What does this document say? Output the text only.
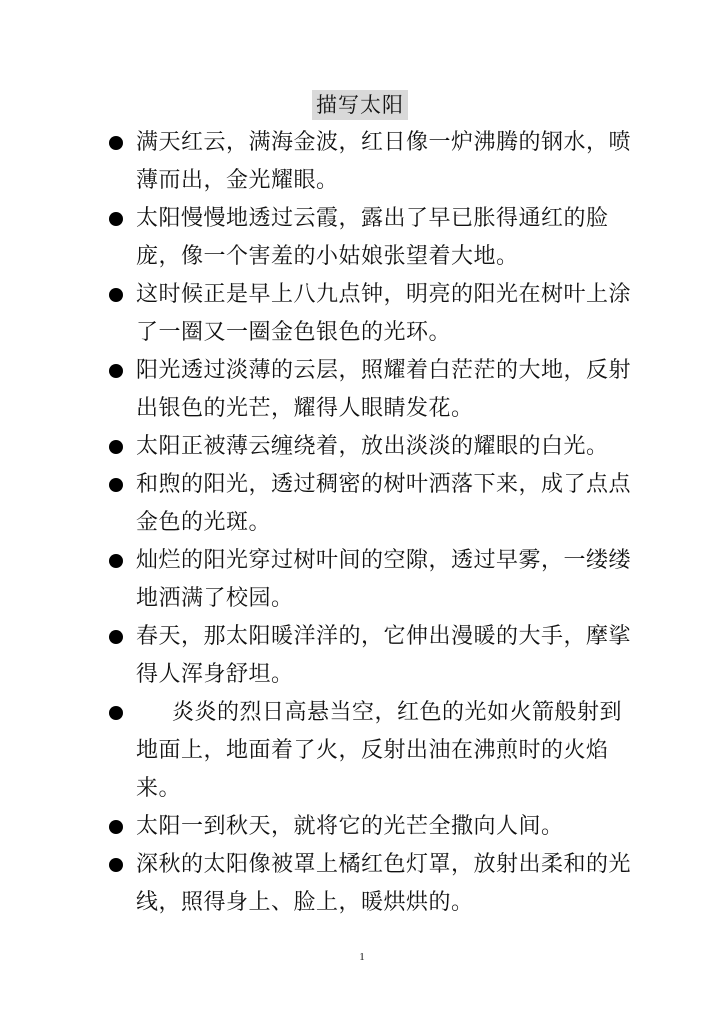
描写太阳
满天红云，满海金波，红日像一炉沸腾的钢水，喷薄而出，金光耀眼。
太阳慢慢地透过云霞，露出了早已胀得通红的脸庞，像一个害羞的小姑娘张望着大地。
这时候正是早上八九点钟，明亮的阳光在树叶上涂了一圈又一圈金色银色的光环。
阳光透过淡薄的云层，照耀着白茫茫的大地，反射出银色的光芒，耀得人眼睛发花。
太阳正被薄云缠绕着，放出淡淡的耀眼的白光。
和煦的阳光，透过稠密的树叶洒落下来，成了点点金色的光斑。
灿烂的阳光穿过树叶间的空隙，透过早雾，一缕缕地洒满了校园。
春天，那太阳暖洋洋的，它伸出漫暖的大手，摩挲得人浑身舒坦。
炎炎的烈日高悬当空，红色的光如火箭般射到地面上，地面着了火，反射出油在沸煎时的火焰来。
太阳一到秋天，就将它的光芒全撒向人间。
深秋的太阳像被罩上橘红色灯罩，放射出柔和的光线，照得身上、脸上，暖烘烘的。
1
